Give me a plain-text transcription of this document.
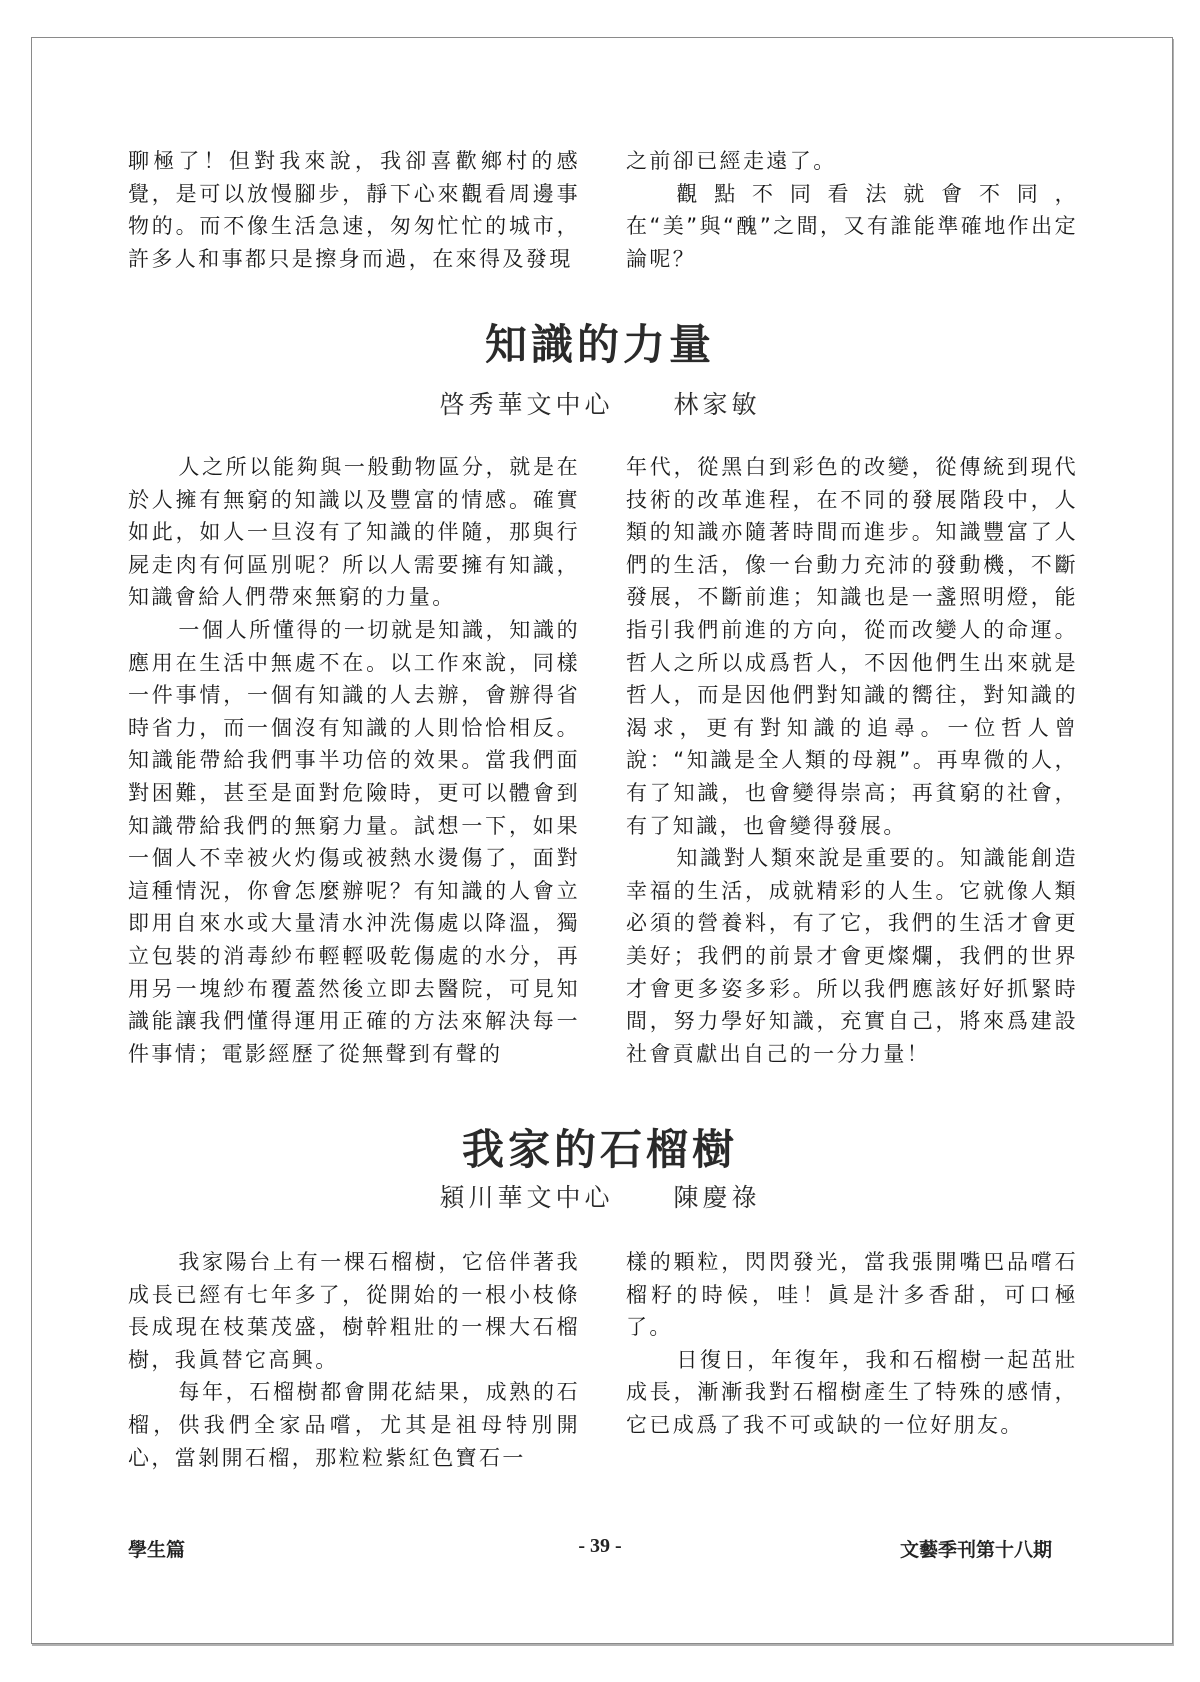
聊極了！但對我來說，我卻喜歡鄉村的感覺，是可以放慢腳步，靜下心來觀看周邊事物的。而不像生活急速，匆匆忙忙的城市，許多人和事都只是擦身而過，在來得及發現

之前卻已經走遠了。

觀點不同看法就會不同，在“美”與“醜”之間，又有誰能準確地作出定論呢？

知識的力量
啓秀華文中心 林家敏

人之所以能夠與一般動物區分，就是在於人擁有無窮的知識以及豐富的情感。確實如此，如人一旦沒有了知識的伴隨，那與行屍走肉有何區別呢？所以人需要擁有知識，知識會給人們帶來無窮的力量。

一個人所懂得的一切就是知識，知識的應用在生活中無處不在。以工作來說，同樣一件事情，一個有知識的人去辦，會辦得省時省力，而一個沒有知識的人則恰恰相反。知識能帶給我們事半功倍的效果。當我們面對困難，甚至是面對危險時，更可以體會到知識帶給我們的無窮力量。試想一下，如果一個人不幸被火灼傷或被熱水燙傷了，面對這種情況，你會怎麼辦呢？有知識的人會立即用自來水或大量清水沖洗傷處以降溫，獨立包裝的消毒紗布輕輕吸乾傷處的水分，再用另一塊紗布覆蓋然後立即去醫院，可見知識能讓我們懂得運用正確的方法來解決每一件事情；電影經歷了從無聲到有聲的

年代，從黑白到彩色的改變，從傳統到現代技術的改革進程，在不同的發展階段中，人類的知識亦隨著時間而進步。知識豐富了人們的生活，像一台動力充沛的發動機，不斷發展，不斷前進；知識也是一盞照明燈，能指引我們前進的方向，從而改變人的命運。哲人之所以成爲哲人，不因他們生出來就是哲人，而是因他們對知識的嚮往，對知識的渴求，更有對知識的追尋。一位哲人曾說：“知識是全人類的母親”。再卑微的人，有了知識，也會變得崇高；再貧窮的社會，有了知識，也會變得發展。

知識對人類來說是重要的。知識能創造幸福的生活，成就精彩的人生。它就像人類必須的營養料，有了它，我們的生活才會更美好；我們的前景才會更燦爛，我們的世界才會更多姿多彩。所以我們應該好好抓緊時間，努力學好知識，充實自己，將來爲建設社會貢獻出自己的一分力量！

我家的石榴樹
潁川華文中心 陳慶祿

我家陽台上有一棵石榴樹，它倍伴著我成長已經有七年多了，從開始的一根小枝條長成現在枝葉茂盛，樹幹粗壯的一棵大石榴樹，我眞替它高興。

每年，石榴樹都會開花結果，成熟的石榴，供我們全家品嚐，尤其是祖母特別開心，當剝開石榴，那粒粒紫紅色寶石一

樣的顆粒，閃閃發光，當我張開嘴巴品嚐石榴籽的時候，哇！眞是汁多香甜，可口極了。

日復日，年復年，我和石榴樹一起茁壯成長，漸漸我對石榴樹產生了特殊的感情，它已成爲了我不可或缺的一位好朋友。

學生篇	- 39 -	文藝季刊第十八期
